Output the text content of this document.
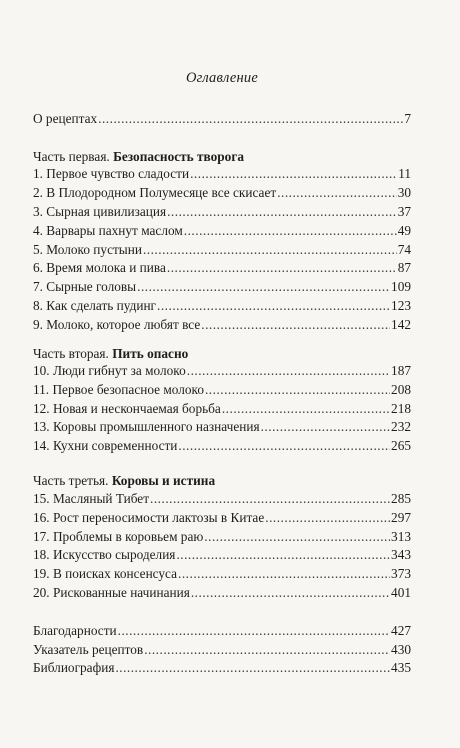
Оглавление
О рецептах .....	7
Часть первая. Безопасность творога
1. Первое чувство сладости .....	11
2. В Плодородном Полумесяце все скисает .....	30
3. Сырная цивилизация .....	37
4. Варвары пахнут маслом .....	49
5. Молоко пустыни .....	74
6. Время молока и пива .....	87
7. Сырные головы .....	109
8. Как сделать пудинг .....	123
9. Молоко, которое любят все .....	142
Часть вторая. Пить опасно
10. Люди гибнут за молоко .....	187
11. Первое безопасное молоко .....	208
12. Новая и нескончаемая борьба .....	218
13. Коровы промышленного назначения .....	232
14. Кухни современности .....	265
Часть третья. Коровы и истина
15. Масляный Тибет .....	285
16. Рост переносимости лактозы в Китае .....	297
17. Проблемы в коровьем раю .....	313
18. Искусство сыроделия .....	343
19. В поисках консенсуса .....	373
20. Рискованные начинания .....	401
Благодарности .....	427
Указатель рецептов .....	430
Библиография .....	435
